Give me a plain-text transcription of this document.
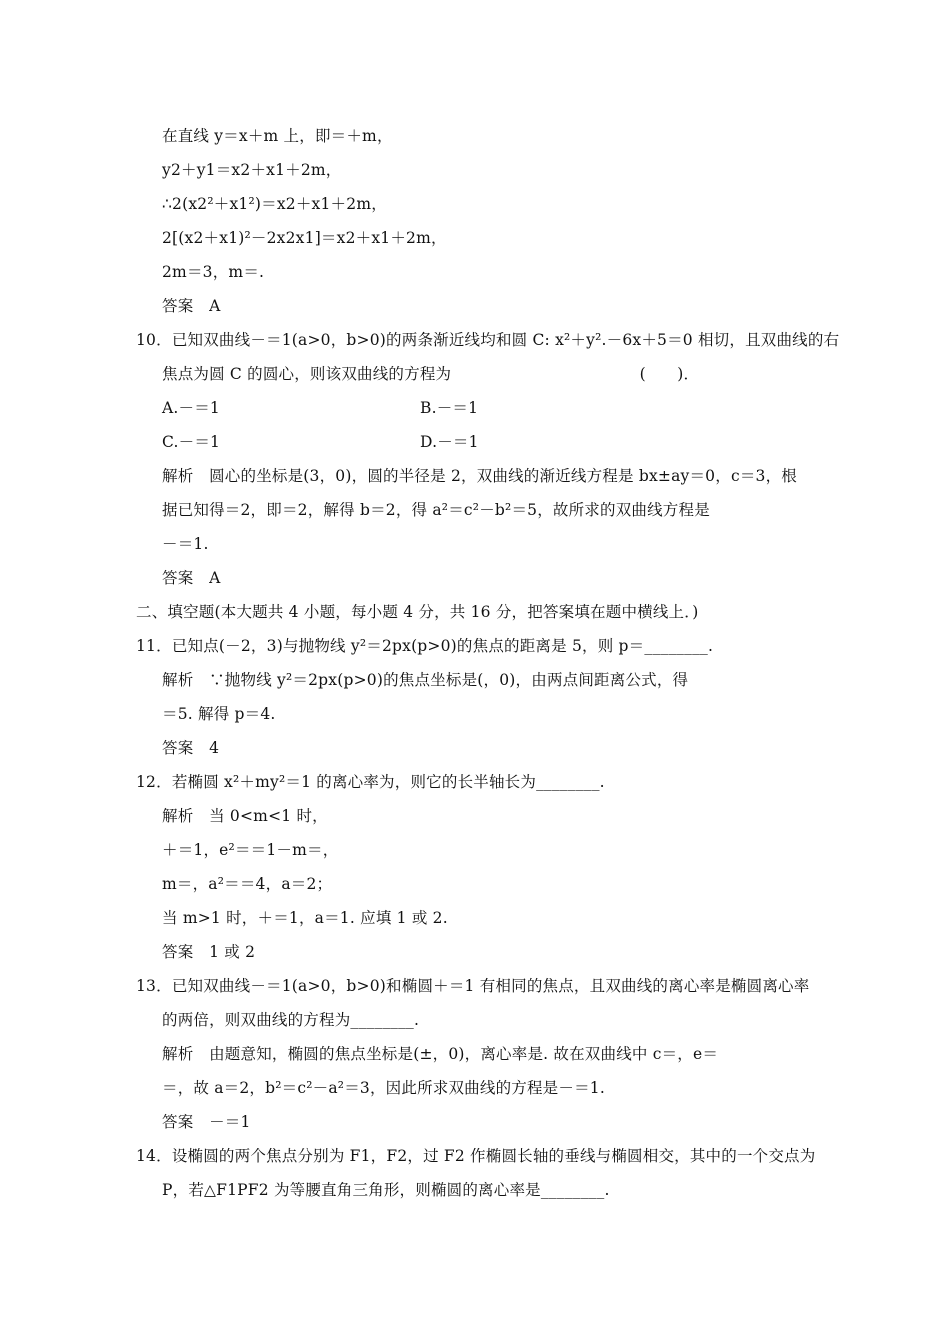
在直线 y＝x＋m 上，即＝＋m，
y2＋y1＝x2＋x1＋2m，
∴2(x2²＋x1²)＝x2＋x1＋2m，
2[(x2＋x1)²－2x2x1]＝x2＋x1＋2m，
2m＝3，m＝.
答案　A
10．已知双曲线－＝1(a>0，b>0)的两条渐近线均和圆 C: x²＋y².－6x＋5＝0 相切，且双曲线的右
焦点为圆 C 的圆心，则该双曲线的方程为　　　　　　　　　　　　(　　)．
A.－＝1	B.－＝1
C.－＝1	D.－＝1
解析　圆心的坐标是(3，0)，圆的半径是 2，双曲线的渐近线方程是 bx±ay＝0，c＝3，根
据已知得＝2，即＝2，解得 b＝2，得 a²＝c²－b²＝5，故所求的双曲线方程是
－＝1.
答案　A
二、填空题(本大题共 4 小题，每小题 4 分，共 16 分，把答案填在题中横线上．)
11．已知点(－2，3)与抛物线 y²＝2px(p>0)的焦点的距离是 5，则 p＝________.
解析　∵抛物线 y²＝2px(p>0)的焦点坐标是(，0)，由两点间距离公式，得
＝5. 解得 p＝4.
答案　4
12．若椭圆 x²＋my²＝1 的离心率为，则它的长半轴长为________.
解析　当 0<m<1 时，
＋＝1，e²＝＝1－m＝，
m＝，a²＝＝4，a＝2；
当 m>1 时，＋＝1，a＝1. 应填 1 或 2.
答案　1 或 2
13．已知双曲线－＝1(a>0，b>0)和椭圆＋＝1 有相同的焦点，且双曲线的离心率是椭圆离心率
的两倍，则双曲线的方程为________.
解析　由题意知，椭圆的焦点坐标是(±，0)，离心率是. 故在双曲线中 c＝，e＝
＝，故 a＝2，b²＝c²－a²＝3，因此所求双曲线的方程是－＝1.
答案　－＝1
14．设椭圆的两个焦点分别为 F1，F2，过 F2 作椭圆长轴的垂线与椭圆相交，其中的一个交点为
P，若△F1PF2 为等腰直角三角形，则椭圆的离心率是________.
